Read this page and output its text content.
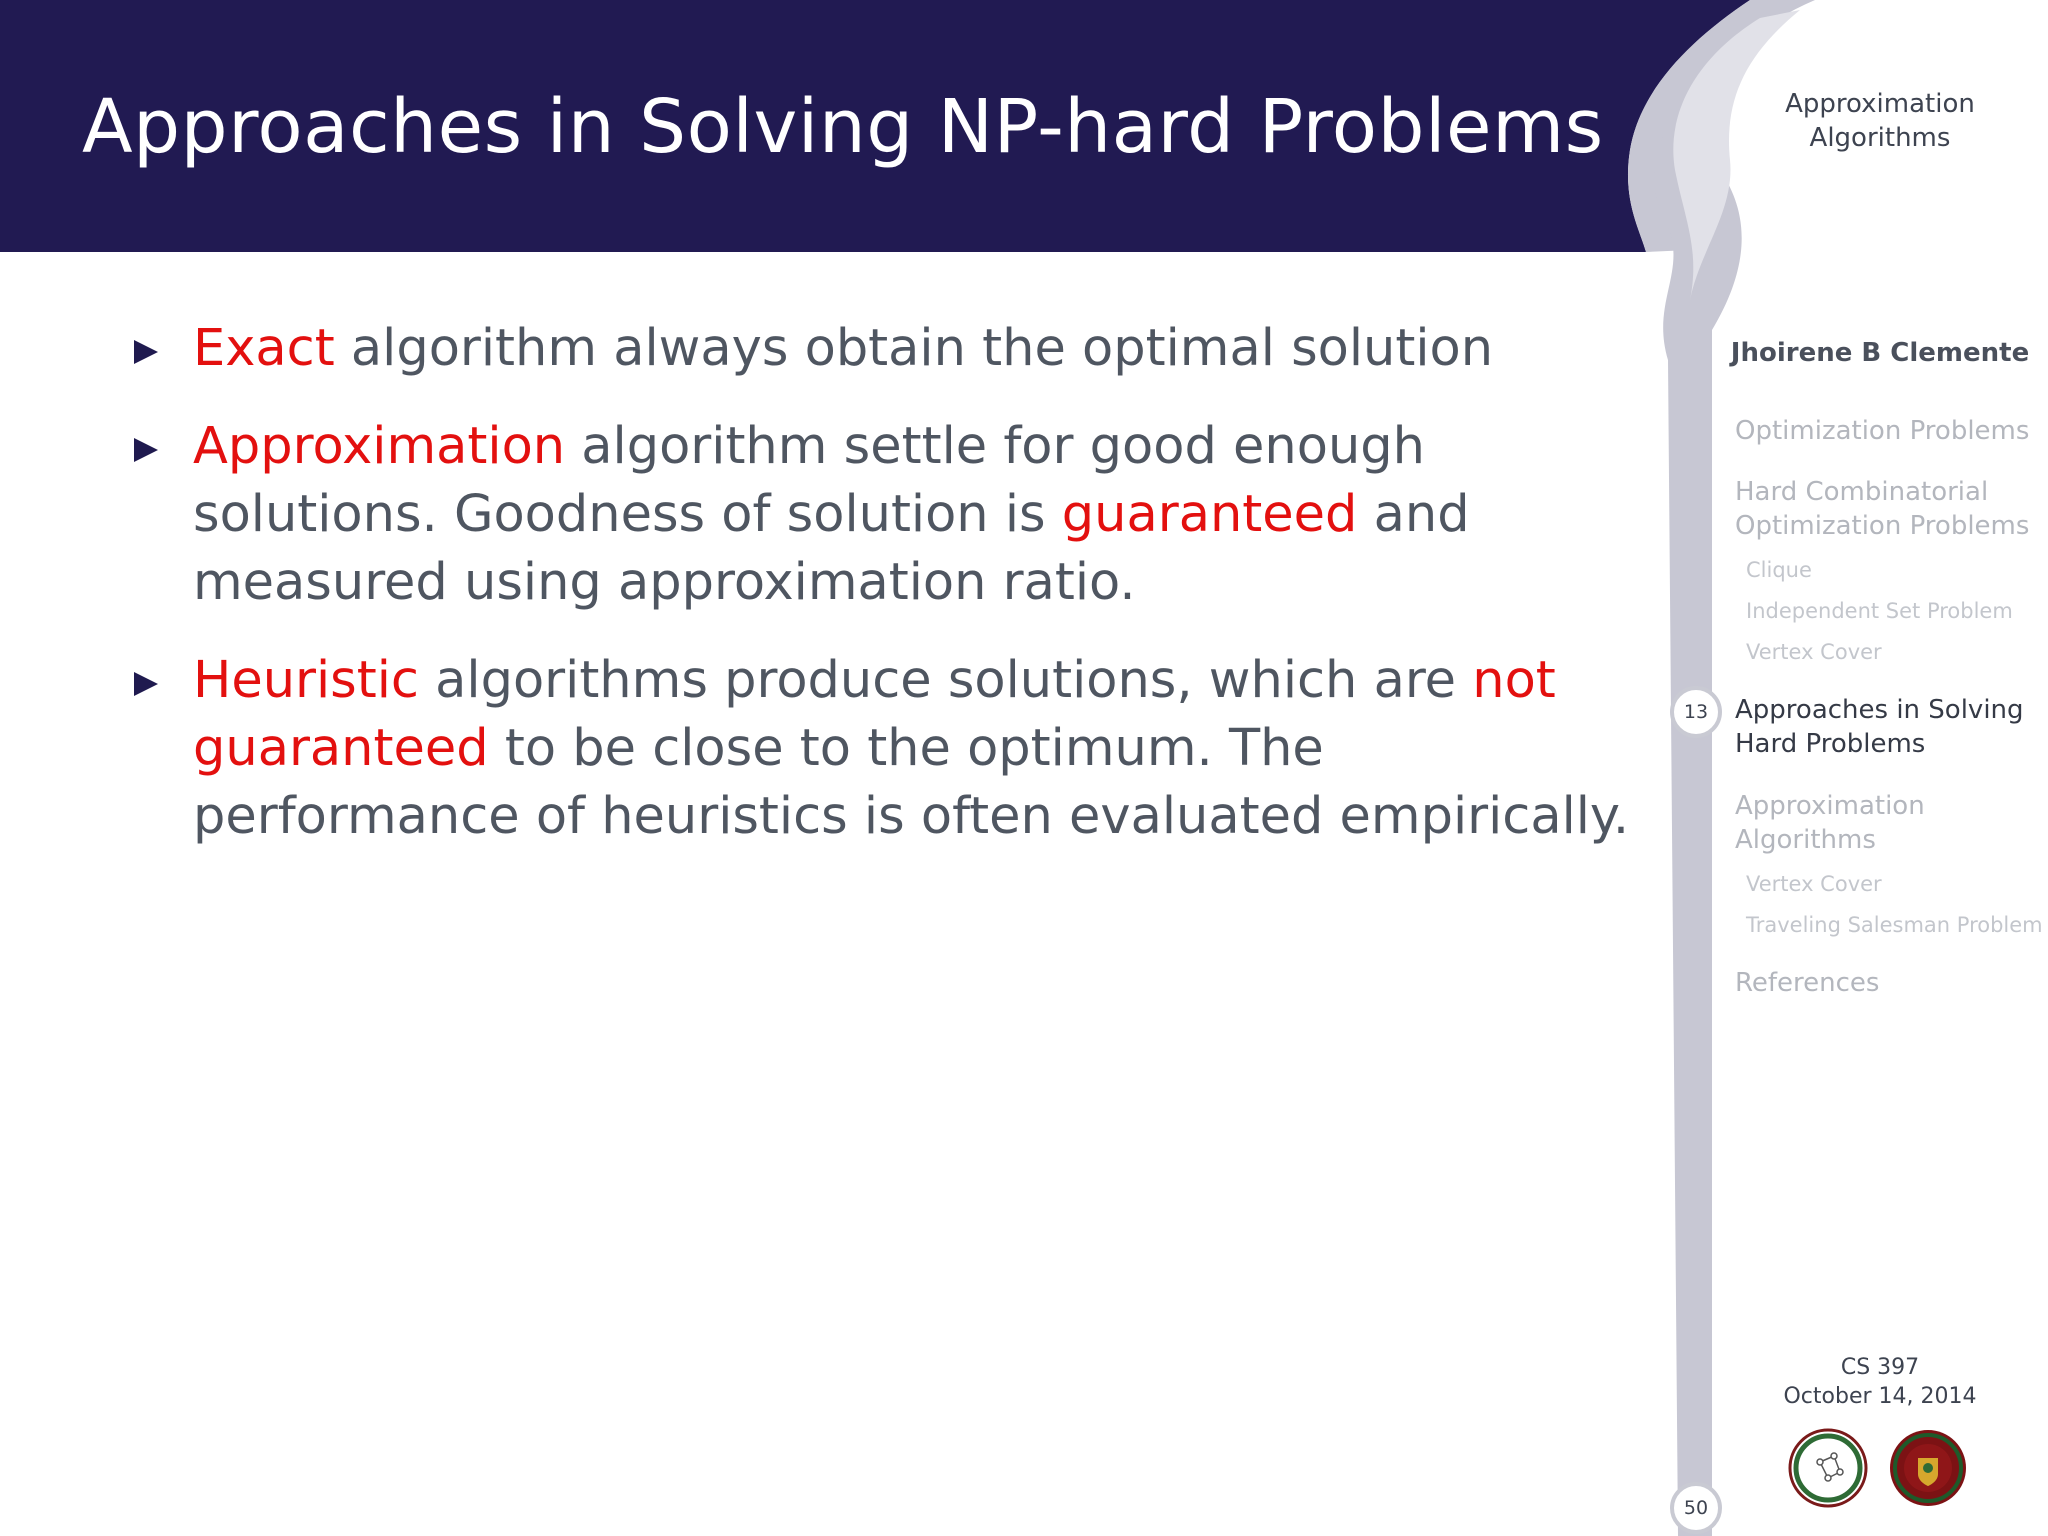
Approaches in Solving NP-hard Problems
Exact algorithm always obtain the optimal solution
Approximation algorithm settle for good enough solutions. Goodness of solution is guaranteed and measured using approximation ratio.
Heuristic algorithms produce solutions, which are not guaranteed to be close to the optimum. The performance of heuristics is often evaluated empirically.
Approximation Algorithms
Jhoirene B Clemente
Optimization Problems
Hard Combinatorial Optimization Problems
Clique
Independent Set Problem
Vertex Cover
Approaches in Solving Hard Problems
Approximation Algorithms
Vertex Cover
Traveling Salesman Problem
References
13
CS 397
October 14, 2014
50
